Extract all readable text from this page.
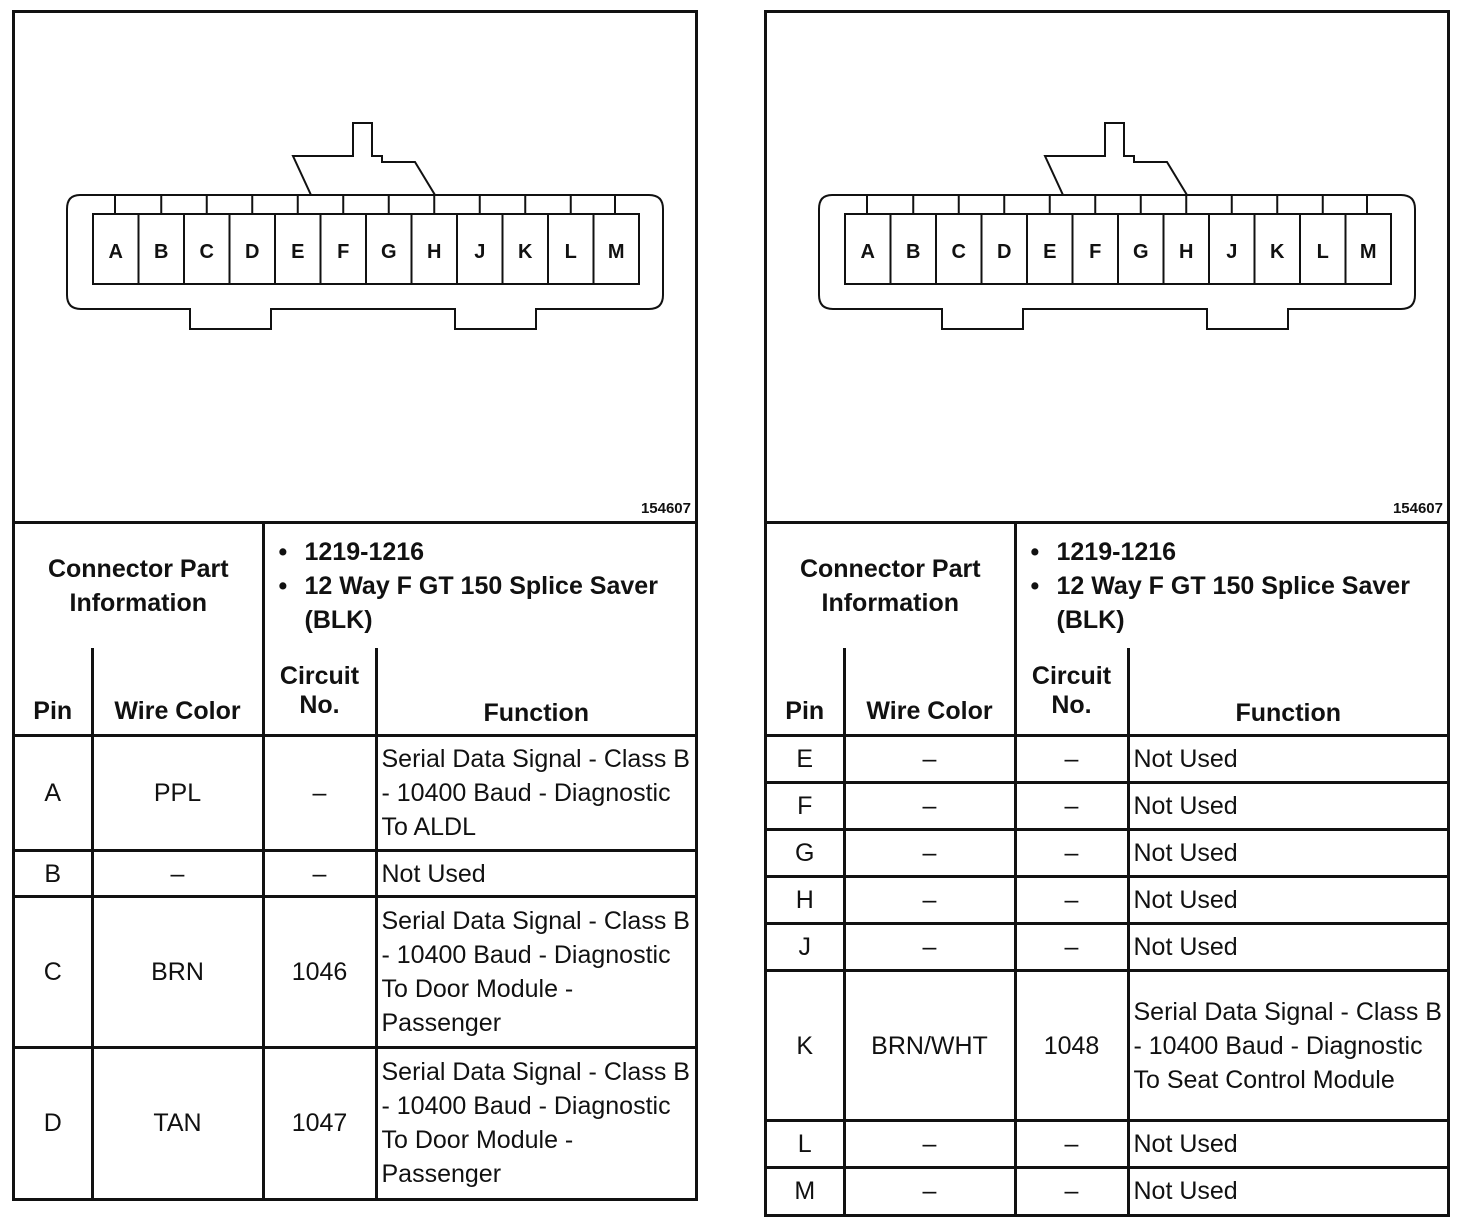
A B C D E F G H J K L M
154607
Connector Part Information	
• 1219-1216
• 12 Way F GT 150 Splice Saver (BLK)
Pin	Wire Color	Circuit No.	Function
A	PPL	–	Serial Data Signal - Class B - 10400 Baud - Diagnostic To ALDL
B	–	–	Not Used
C	BRN	1046	Serial Data Signal - Class B - 10400 Baud - Diagnostic To Door Module - Passenger
D	TAN	1047	Serial Data Signal - Class B - 10400 Baud - Diagnostic To Door Module - Passenger
A B C D E F G H J K L M
154607
Connector Part Information	
• 1219-1216
• 12 Way F GT 150 Splice Saver (BLK)
Pin	Wire Color	Circuit No.	Function
E	–	–	Not Used
F	–	–	Not Used
G	–	–	Not Used
H	–	–	Not Used
J	–	–	Not Used
K	BRN/WHT	1048	Serial Data Signal - Class B - 10400 Baud - Diagnostic To Seat Control Module
L	–	–	Not Used
M	–	–	Not Used
